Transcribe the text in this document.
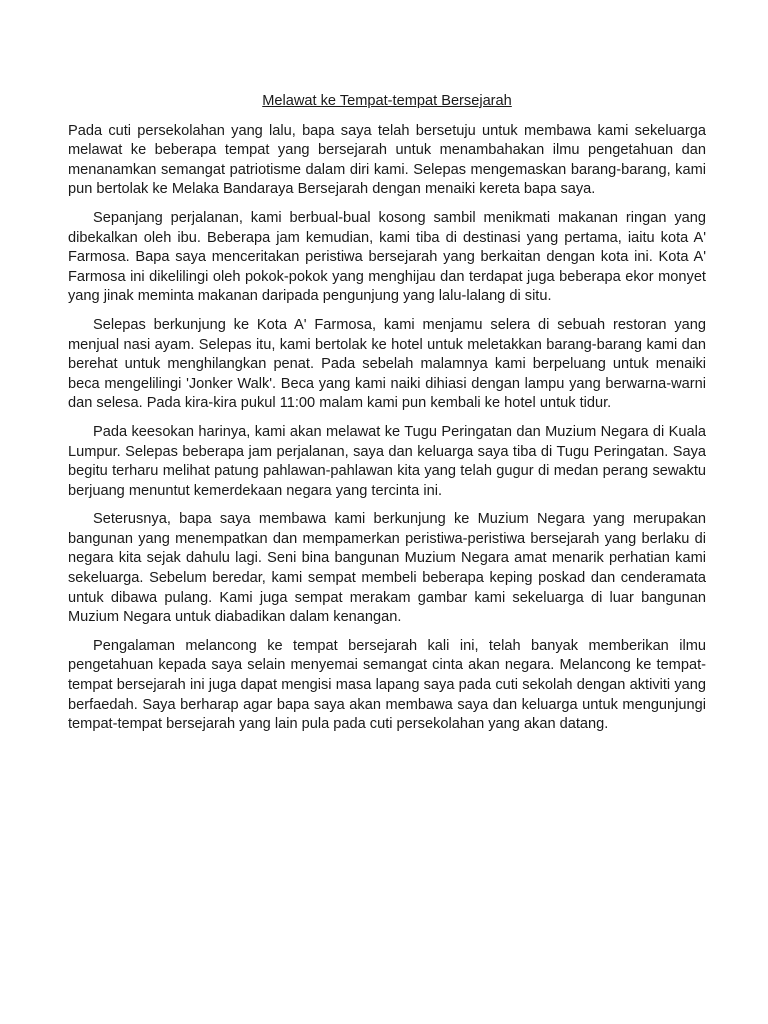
Melawat ke Tempat-tempat Bersejarah

Pada cuti persekolahan yang lalu, bapa saya telah bersetuju untuk membawa kami sekeluarga melawat ke beberapa tempat yang bersejarah untuk menambahakan ilmu pengetahuan dan menanamkan semangat patriotisme dalam diri kami. Selepas mengemaskan barang-barang, kami pun bertolak ke Melaka Bandaraya Bersejarah dengan menaiki kereta bapa saya.

Sepanjang perjalanan, kami berbual-bual kosong sambil menikmati makanan ringan yang dibekalkan oleh ibu. Beberapa jam kemudian, kami tiba di destinasi yang pertama, iaitu kota A' Farmosa. Bapa saya menceritakan peristiwa bersejarah yang berkaitan dengan kota ini. Kota A' Farmosa ini dikelilingi oleh pokok-pokok yang menghijau dan terdapat juga beberapa ekor monyet yang jinak meminta makanan daripada pengunjung yang lalu-lalang di situ.

Selepas berkunjung ke Kota A' Farmosa, kami menjamu selera di sebuah restoran yang menjual nasi ayam. Selepas itu, kami bertolak ke hotel untuk meletakkan barang-barang kami dan berehat untuk menghilangkan penat. Pada sebelah malamnya kami berpeluang untuk menaiki beca mengelilingi 'Jonker Walk'. Beca yang kami naiki dihiasi dengan lampu yang berwarna-warni dan selesa. Pada kira-kira pukul 11:00 malam kami pun kembali ke hotel untuk tidur.

Pada keesokan harinya, kami akan melawat ke Tugu Peringatan dan Muzium Negara di Kuala Lumpur. Selepas beberapa jam perjalanan, saya dan keluarga saya tiba di Tugu Peringatan. Saya begitu terharu melihat patung pahlawan-pahlawan kita yang telah gugur di medan perang sewaktu berjuang menuntut kemerdekaan negara yang tercinta ini.

Seterusnya, bapa saya membawa kami berkunjung ke Muzium Negara yang merupakan bangunan yang menempatkan dan mempamerkan peristiwa-peristiwa bersejarah yang berlaku di negara kita sejak dahulu lagi. Seni bina bangunan Muzium Negara amat menarik perhatian kami sekeluarga. Sebelum beredar, kami sempat membeli beberapa keping poskad dan cenderamata untuk dibawa pulang. Kami juga sempat merakam gambar kami sekeluarga di luar bangunan Muzium Negara untuk diabadikan dalam kenangan.

Pengalaman melancong ke tempat bersejarah kali ini, telah banyak memberikan ilmu pengetahuan kepada saya selain menyemai semangat cinta akan negara. Melancong ke tempat-tempat bersejarah ini juga dapat mengisi masa lapang saya pada cuti sekolah dengan aktiviti yang berfaedah. Saya berharap agar bapa saya akan membawa saya dan keluarga untuk mengunjungi tempat-tempat bersejarah yang lain pula pada cuti persekolahan yang akan datang.
